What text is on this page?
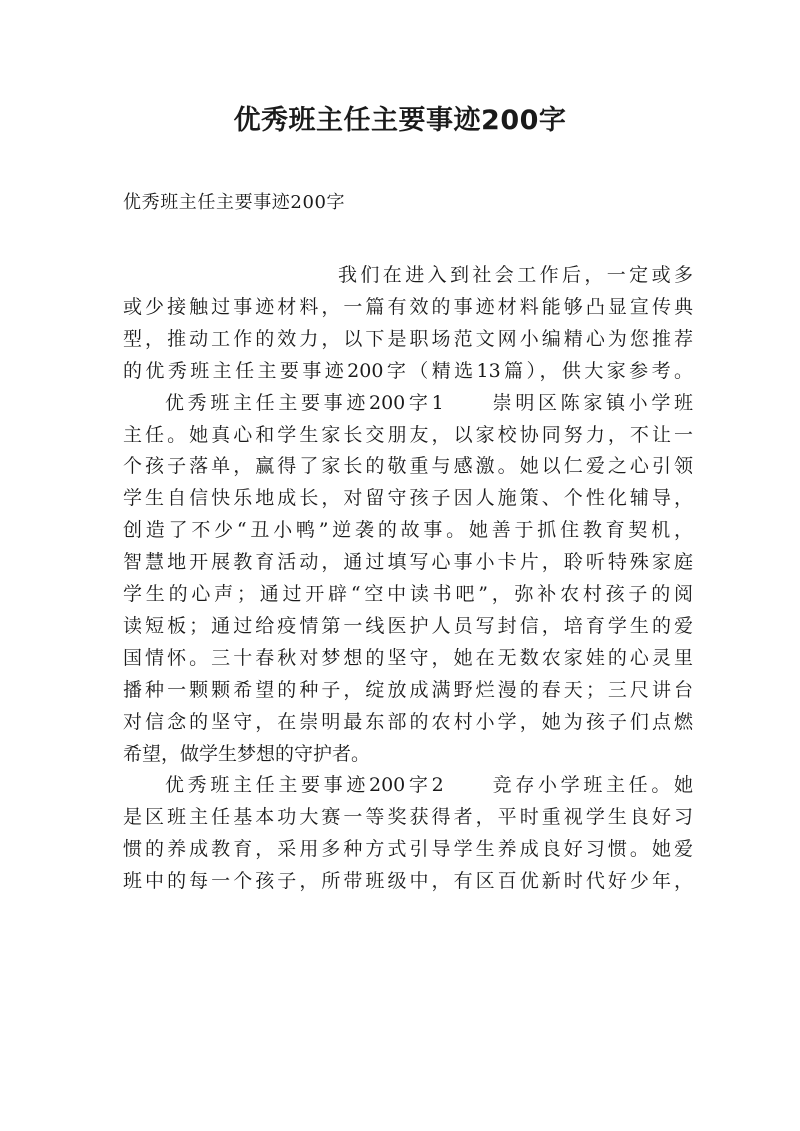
优秀班主任主要事迹200字
优秀班主任主要事迹200字
我们在进入到社会工作后，一定或多
或少接触过事迹材料，一篇有效的事迹材料能够凸显宣传典
型，推动工作的效力，以下是职场范文网小编精心为您推荐
的优秀班主任主要事迹200字（精选13篇），供大家参考。
优秀班主任主要事迹200字1　　崇明区陈家镇小学班
主任。她真心和学生家长交朋友，以家校协同努力，不让一
个孩子落单，赢得了家长的敬重与感激。她以仁爱之心引领
学生自信快乐地成长，对留守孩子因人施策、个性化辅导，
创造了不少“丑小鸭”逆袭的故事。她善于抓住教育契机，
智慧地开展教育活动，通过填写心事小卡片，聆听特殊家庭
学生的心声；通过开辟“空中读书吧”，弥补农村孩子的阅
读短板；通过给疫情第一线医护人员写封信，培育学生的爱
国情怀。三十春秋对梦想的坚守，她在无数农家娃的心灵里
播种一颗颗希望的种子，绽放成满野烂漫的春天；三尺讲台
对信念的坚守，在崇明最东部的农村小学，她为孩子们点燃
希望，做学生梦想的守护者。
优秀班主任主要事迹200字2　　竞存小学班主任。她
是区班主任基本功大赛一等奖获得者，平时重视学生良好习
惯的养成教育，采用多种方式引导学生养成良好习惯。她爱
班中的每一个孩子，所带班级中，有区百优新时代好少年，
